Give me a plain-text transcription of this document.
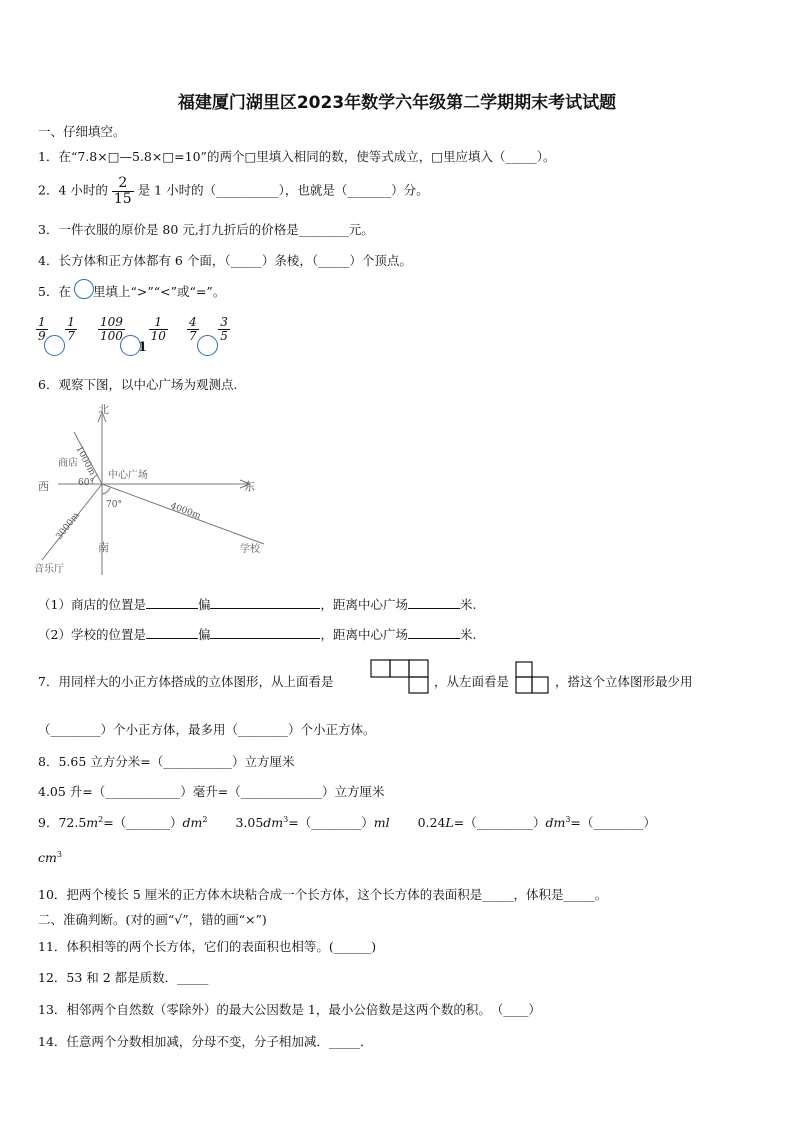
福建厦门湖里区2023年数学六年级第二学期期末考试试题
一、仔细填空。
1．在“7.8×□—5.8×□=10”的两个□里填入相同的数，使等式成立，□里应填入（_____）。
2．4 小时的 $\frac{2}{15}$ 是 1 小时的（__________），也就是（_______）分。
3．一件衣服的原价是 80 元,打九折后的价格是________元。
4．长方体和正方体都有 6 个面，（_____）条棱，（_____）个顶点。
5．在 里填上“>”“<”或“=”。
$\frac{1}{9}$
$\frac{1}{7} \frac{109}{100}$
$\frac{1}{10}$
1
$\frac{4}{7}$
$\frac{3}{5}$
6．观察下图，以中心广场为观测点.
北
南
东
西
中心广场
商店
学校
音乐厅
1000m
4000m
3000m
60°
70°
（1）商店的位置是	偏	，距离中心广场	米.
（2）学校的位置是	偏	，距离中心广场	米.
7．用同样大的小正方体搭成的立体图形，从上面看是	，从左面看是	，搭这个立体图形最少用
（________）个小正方体，最多用（________）个小正方体。
8．5.65 立方分米=（___________）立方厘米
4.05 升=（____________）毫升=（_____________）立方厘米
9．$72.5m^2=(\_\_\_\_\_\_\_)dm^2$ $3.05dm^3=(\_\_\_\_\_\_\_\_)ml$ $0.24L=(\_\_\_\_\_\_\_\_\_)dm^3=(\_\_\_\_\_\_\_\_)$
$cm^3$
10．把两个棱长 5 厘米的正方体木块粘合成一个长方体，这个长方体的表面积是_____，体积是_____。
二、准确判断。(对的画“√”，错的画“×”)
11．体积相等的两个长方体，它们的表面积也相等。(______)
12．53 和 2 都是质数．_____
13．相邻两个自然数（零除外）的最大公因数是 1，最小公倍数是这两个数的积。　（____）
14．任意两个分数相加减，分母不变，分子相加减．_____．
